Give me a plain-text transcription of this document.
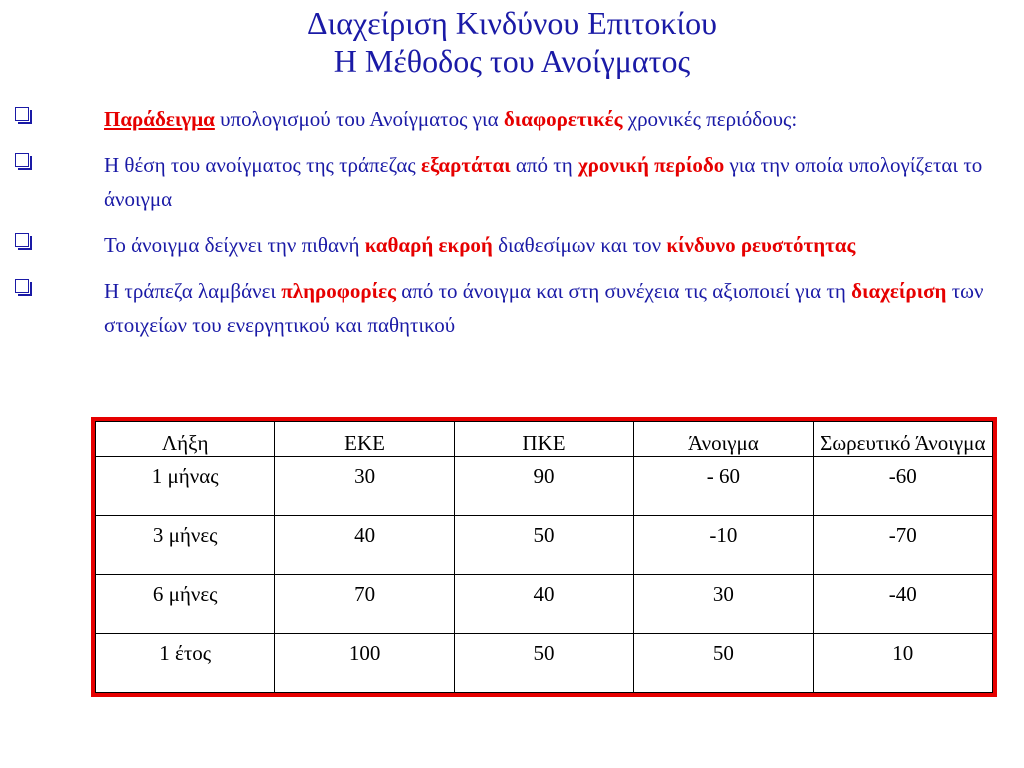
Διαχείριση Κινδύνου Επιτοκίου
Η Μέθοδος του Ανοίγματος
Παράδειγμα υπολογισμού του Ανοίγματος για διαφορετικές χρονικές περιόδους:
Η θέση του ανοίγματος της τράπεζας εξαρτάται από τη χρονική περίοδο για την οποία υπολογίζεται το άνοιγμα
Το άνοιγμα δείχνει την πιθανή καθαρή εκροή διαθεσίμων και τον κίνδυνο ρευστότητας
Η τράπεζα λαμβάνει πληροφορίες από το άνοιγμα και στη συνέχεια τις αξιοποιεί για τη διαχείριση των στοιχείων του ενεργητικού και παθητικού
Λήξη	ΕΚΕ	ΠΚΕ	Άνοιγμα	Σωρευτικό Άνοιγμα
1 μήνας	30	90	- 60	-60
3 μήνες	40	50	-10	-70
6 μήνες	70	40	30	-40
1 έτος	100	50	50	10
